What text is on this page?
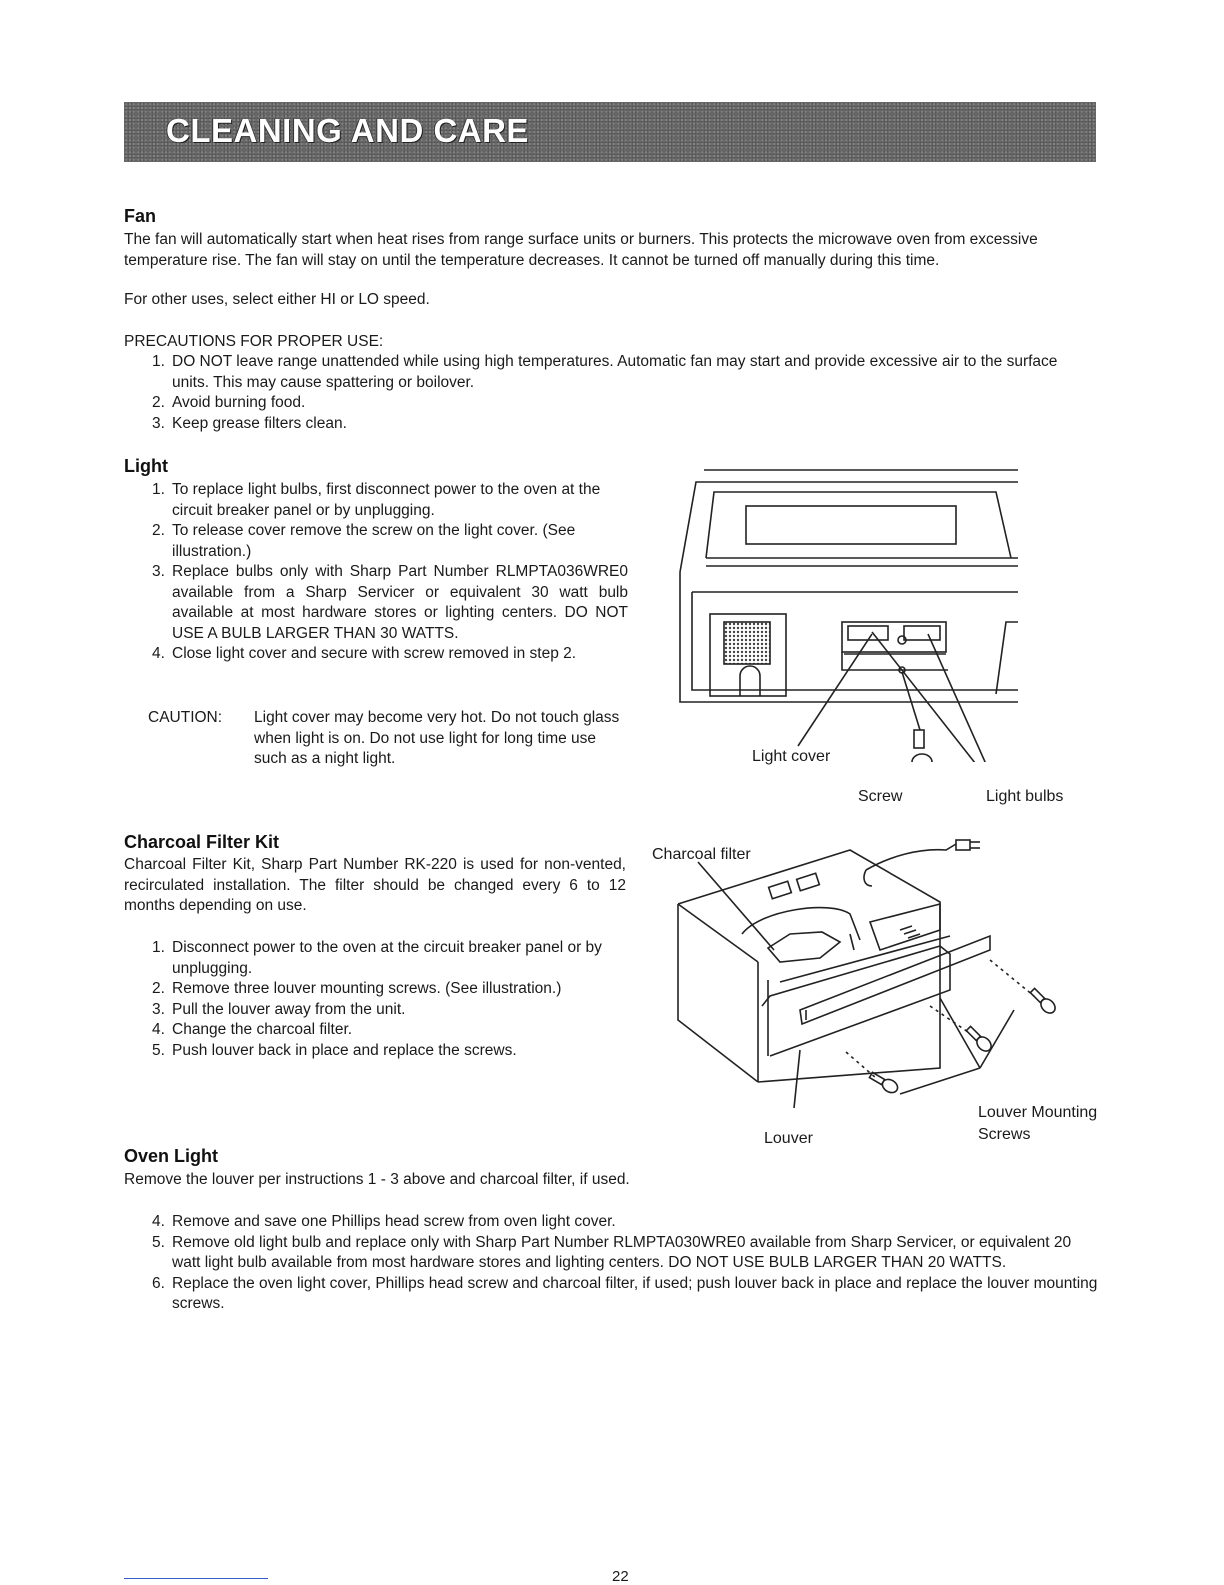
CLEANING AND CARE
Fan
The fan will automatically start when heat rises from range surface units or burners. This protects the microwave oven from excessive temperature rise. The fan will stay on until the temperature decreases. It cannot be turned off manually during this time.
For other uses, select either HI or LO speed.
PRECAUTIONS FOR PROPER USE:
1. DO NOT leave range unattended while using high temperatures. Automatic fan may start and provide excessive air to the surface units. This may cause spattering or boilover.
2. Avoid burning food.
3. Keep grease filters clean.
Light
1. To replace light bulbs, first disconnect power to the oven at the circuit breaker panel or by unplugging.
2. To release cover remove the screw on the light cover. (See illustration.)
3. Replace bulbs only with Sharp Part Number RLMPTA036WRE0 available from a Sharp Servicer or equivalent 30 watt bulb available at most hardware stores or lighting centers. DO NOT USE A BULB LARGER THAN 30 WATTS.
4. Close light cover and secure with screw removed in step 2.
CAUTION: Light cover may become very hot. Do not touch glass when light is on. Do not use light for long time use such as a night light.	Light cover
Screw	Light bulbs
Charcoal Filter Kit
Charcoal Filter Kit, Sharp Part Number RK-220 is used for non-vented, recirculated installation. The filter should be changed every 6 to 12 months depending on use.
1. Disconnect power to the oven at the circuit breaker panel or by unplugging.
2. Remove three louver mounting screws. (See illustration.)
3. Pull the louver away from the unit.
4. Change the charcoal filter.
5. Push louver back in place and replace the screws.
Charcoal filter
Louver
Louver Mounting
Screws
Oven Light
Remove the louver per instructions 1 - 3 above and charcoal filter, if used.
4. Remove and save one Phillips head screw from oven light cover.
5. Remove old light bulb and replace only with Sharp Part Number RLMPTA030WRE0 available from Sharp Servicer, or equivalent 20 watt light bulb available from most hardware stores and lighting centers. DO NOT USE BULB LARGER THAN 20 WATTS.
6. Replace the oven light cover, Phillips head screw and charcoal filter, if used; push louver back in place and replace the louver mounting screws.
22
